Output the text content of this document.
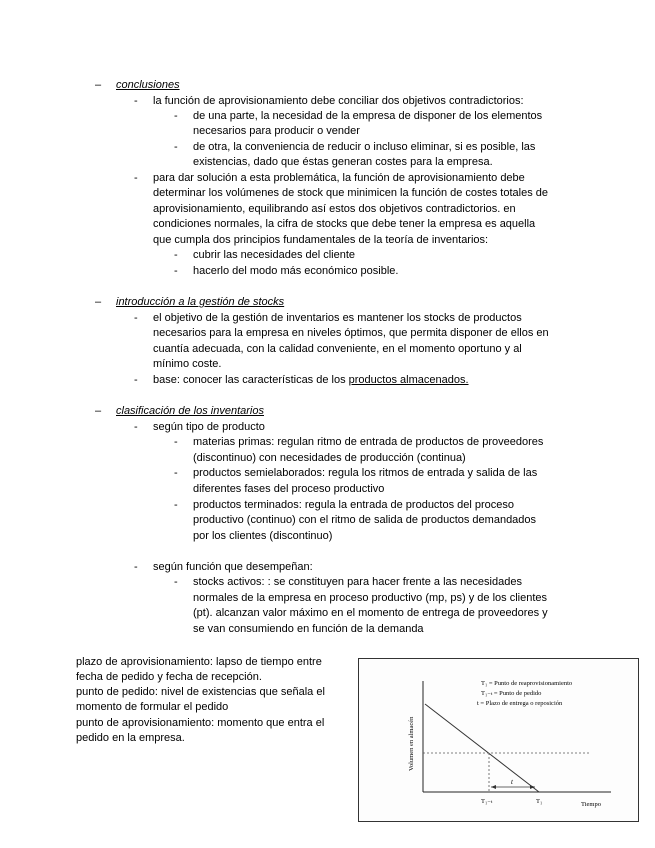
– conclusiones
- la función de aprovisionamiento debe conciliar dos objetivos contradictorios:
- de una parte, la necesidad de la empresa de disponer de los elementos
necesarios para producir o vender
- de otra, la conveniencia de reducir o incluso eliminar, si es posible, las
existencias, dado que éstas generan costes para la empresa.
- para dar solución a esta problemática, la función de aprovisionamiento debe
determinar los volúmenes de stock que minimicen la función de costes totales de
aprovisionamiento, equilibrando así estos dos objetivos contradictorios. en
condiciones normales, la cifra de stocks que debe tener la empresa es aquella
que cumpla dos principios fundamentales de la teoría de inventarios:
- cubrir las necesidades del cliente
- hacerlo del modo más económico posible.
– introducción a la gestión de stocks
- el objetivo de la gestión de inventarios es mantener los stocks de productos
necesarios para la empresa en niveles óptimos, que permita disponer de ellos en
cuantía adecuada, con la calidad conveniente, en el momento oportuno y al
mínimo coste.
- base: conocer las características de los productos almacenados.
– clasificación de los inventarios
- según tipo de producto
- materias primas: regulan ritmo de entrada de productos de proveedores
(discontinuo) con necesidades de producción (continua)
- productos semielaborados: regula los ritmos de entrada y salida de las
diferentes fases del proceso productivo
- productos terminados: regula la entrada de productos del proceso
productivo (continuo) con el ritmo de salida de productos demandados
por los clientes (discontinuo)
- según función que desempeñan:
- stocks activos: : se constituyen para hacer frente a las necesidades
normales de la empresa en proceso productivo (mp, ps) y de los clientes
(pt). alcanzan valor máximo en el momento de entrega de proveedores y
se van consumiendo en función de la demanda
plazo de aprovisionamiento: lapso de tiempo entre
fecha de pedido y fecha de recepción.
punto de pedido: nivel de existencias que señala el
momento de formular el pedido
punto de aprovisionamiento: momento que entra el
pedido en la empresa.
T₁ = Punto de reaprovisionamiento
T₁₋ₜ = Punto de pedido
t = Plazo de entrega o reposición
t
T₁₋ₜ	T₁	Tiempo
Volumen en almacén
